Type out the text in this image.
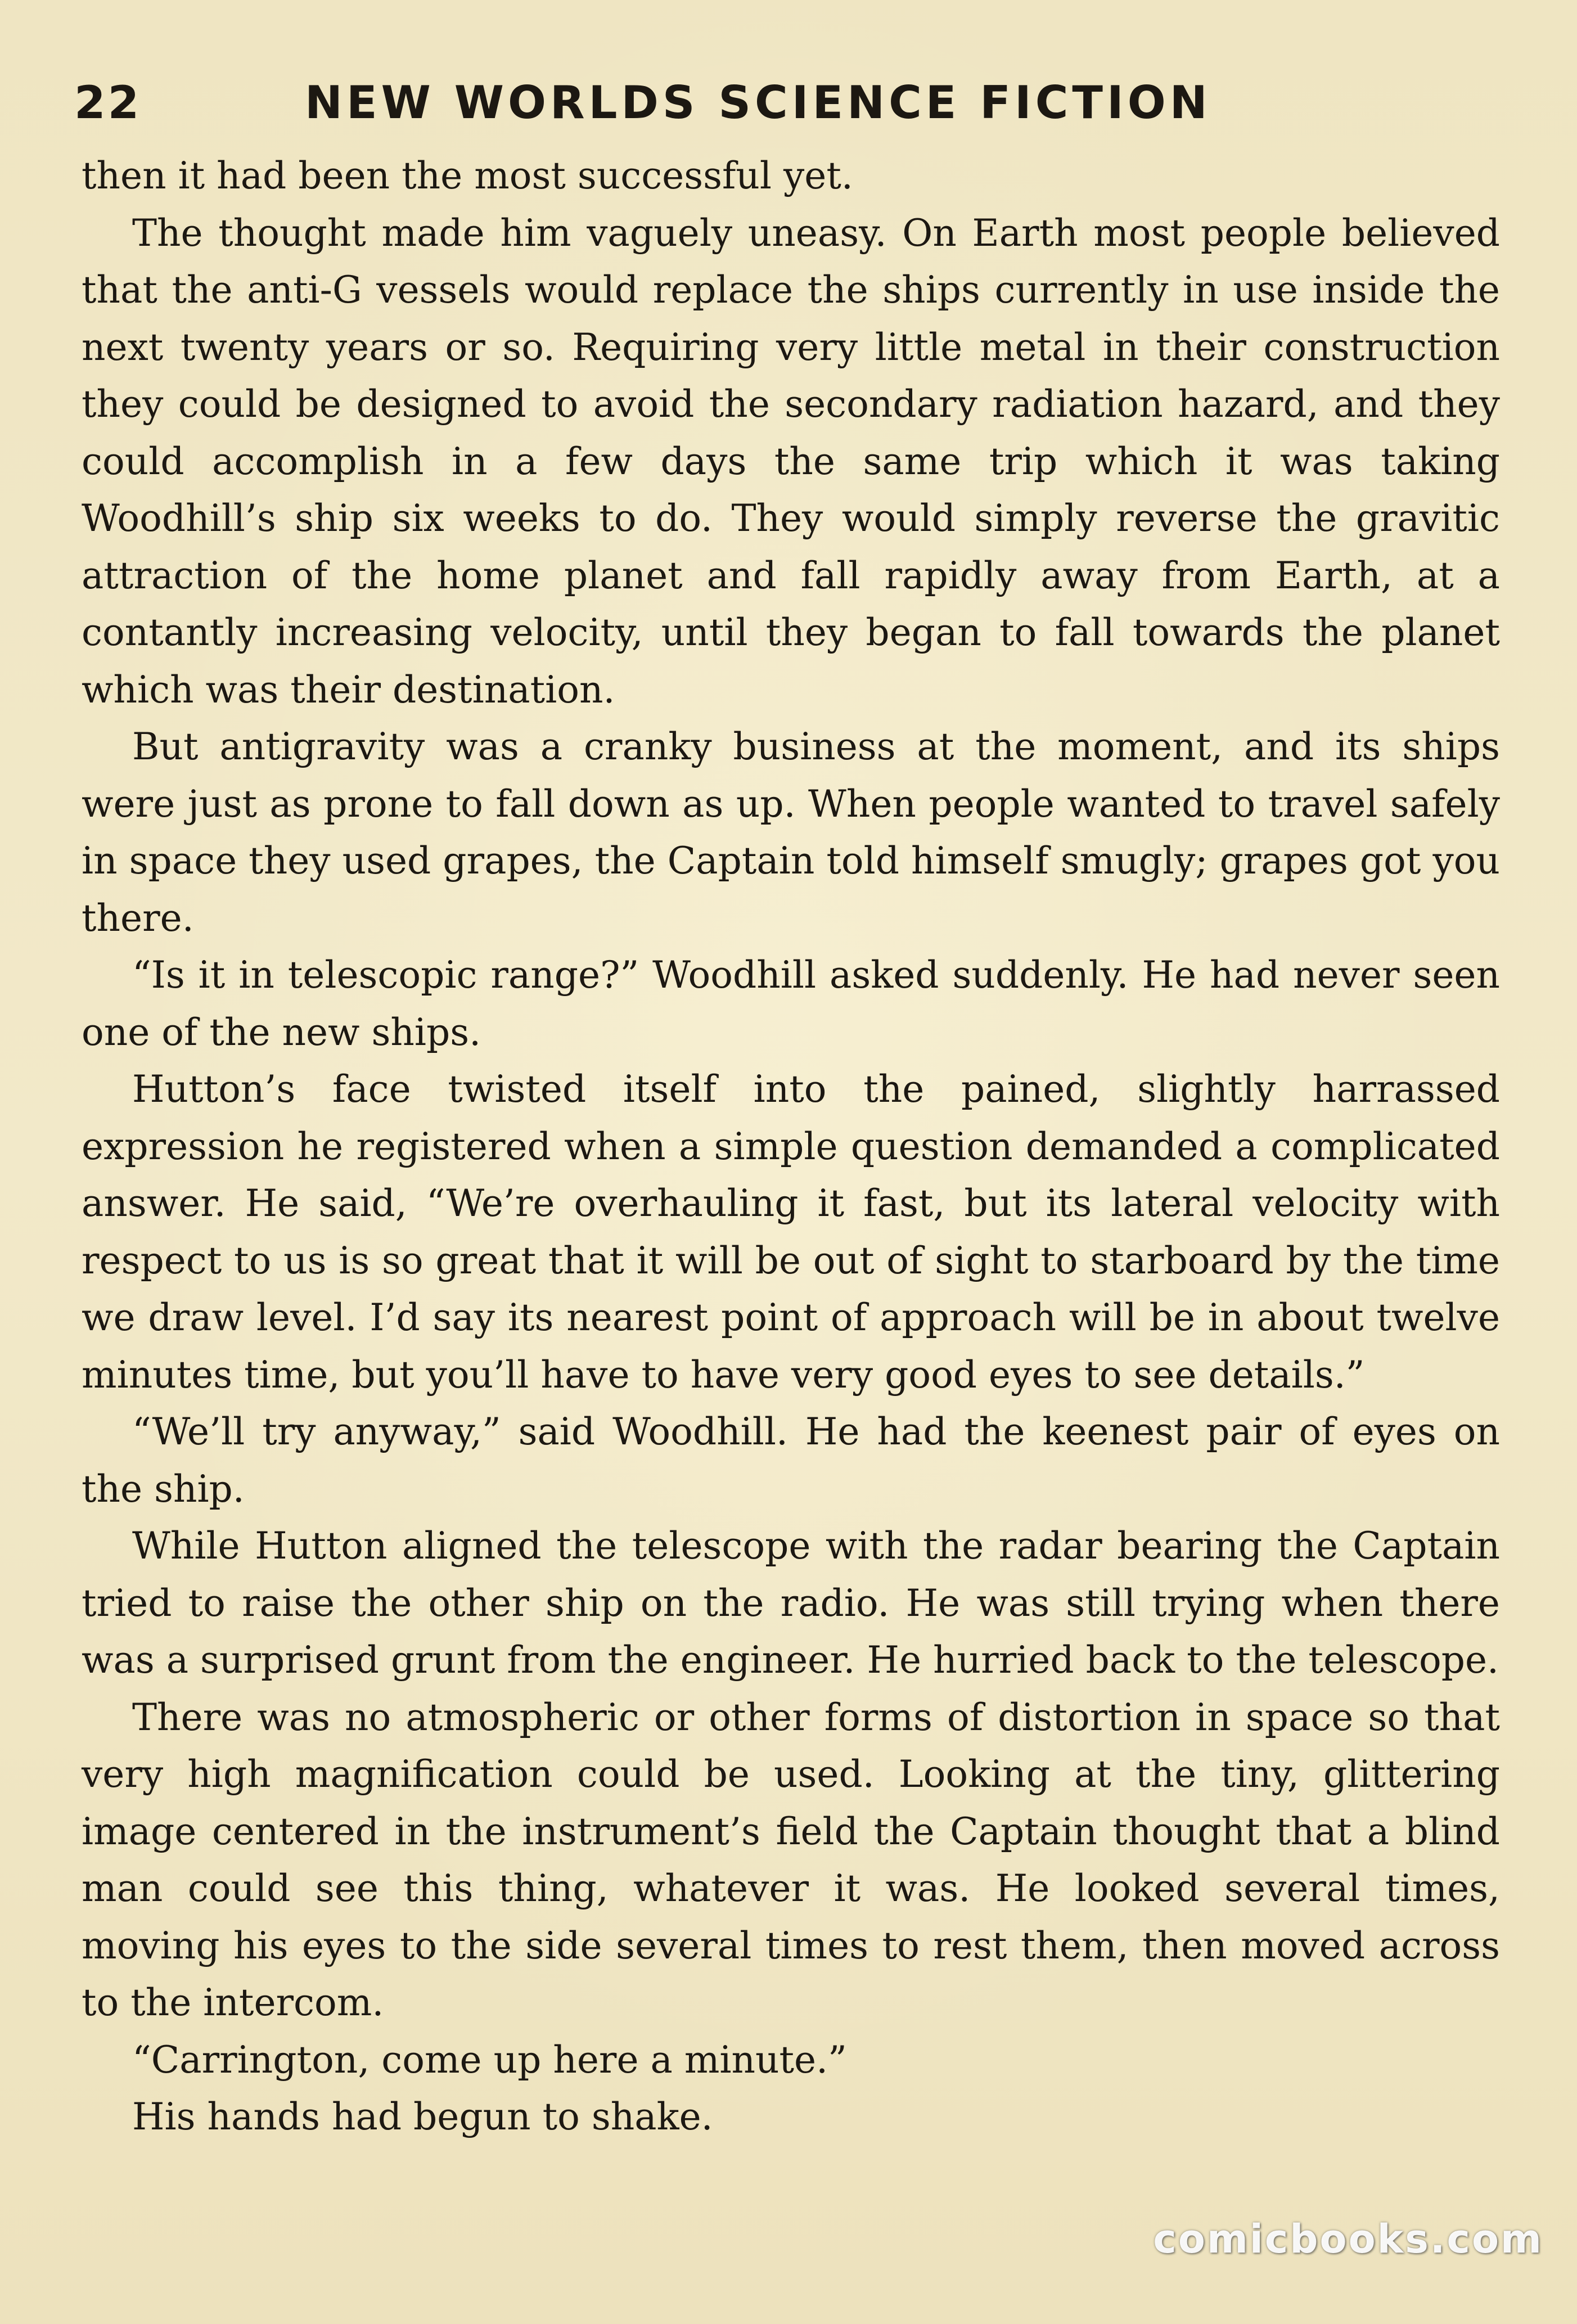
22	NEW WORLDS SCIENCE FICTION

then it had been the most successful yet.

The thought made him vaguely uneasy. On Earth most people believed that the anti-G vessels would replace the ships currently in use inside the next twenty years or so. Requiring very little metal in their construction they could be designed to avoid the secondary radiation hazard, and they could accomplish in a few days the same trip which it was taking Woodhill’s ship six weeks to do. They would simply reverse the gravitic attraction of the home planet and fall rapidly away from Earth, at a contantly increasing velocity, until they began to fall towards the planet which was their destination.

But antigravity was a cranky business at the moment, and its ships were just as prone to fall down as up. When people wanted to travel safely in space they used grapes, the Captain told himself smugly; grapes got you there.

“Is it in telescopic range?” Woodhill asked suddenly. He had never seen one of the new ships.

Hutton’s face twisted itself into the pained, slightly harrassed expression he registered when a simple question demanded a complicated answer. He said, “We’re overhauling it fast, but its lateral velocity with respect to us is so great that it will be out of sight to starboard by the time we draw level. I’d say its nearest point of approach will be in about twelve minutes time, but you’ll have to have very good eyes to see details.”

“We’ll try anyway,” said Woodhill. He had the keenest pair of eyes on the ship.

While Hutton aligned the telescope with the radar bearing the Captain tried to raise the other ship on the radio. He was still trying when there was a surprised grunt from the engineer. He hurried back to the telescope.

There was no atmospheric or other forms of distortion in space so that very high magnification could be used. Looking at the tiny, glittering image centered in the instrument’s field the Captain thought that a blind man could see this thing, whatever it was. He looked several times, moving his eyes to the side several times to rest them, then moved across to the intercom.

“Carrington, come up here a minute.”

His hands had begun to shake.

comicbooks.com
